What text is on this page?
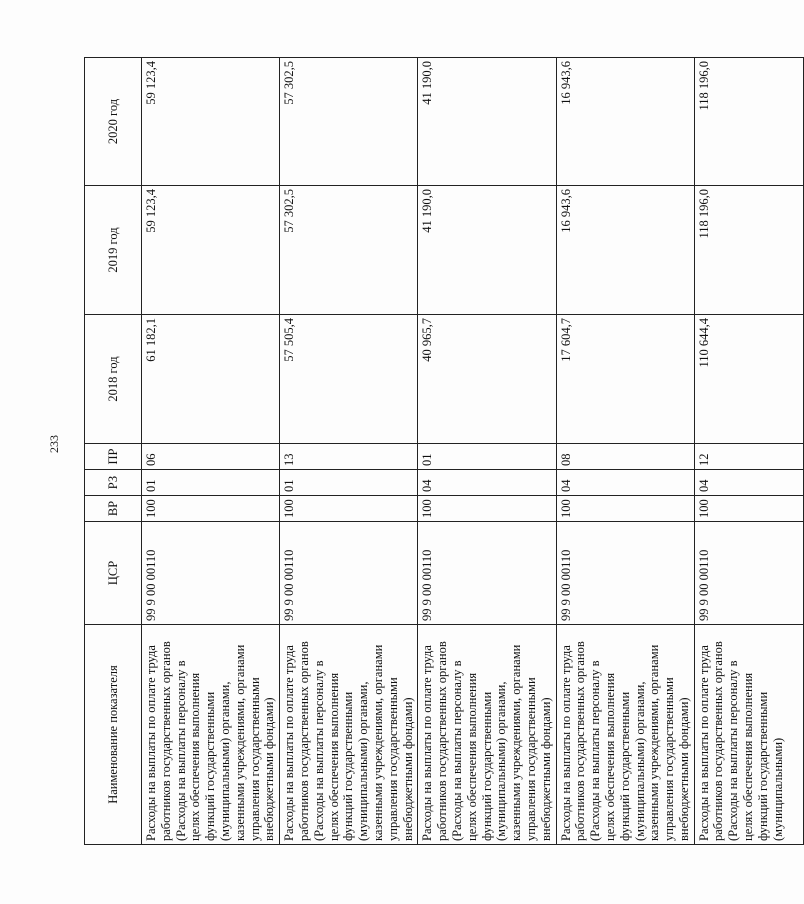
233
Наименование показателя	ЦСР	ВР	РЗ	ПР	2018 год	2019 год	2020 год
Расходы на выплаты по оплате труда работников государственных органов (Расходы на выплаты персоналу в целях обеспечения выполнения функций государственными (муниципальными) органами, казенными учреждениями, органами управления государственными внебюджетными фондами)	99 9 00 00110	100	01	06	61 182,1	59 123,4	59 123,4
Расходы на выплаты по оплате труда работников государственных органов (Расходы на выплаты персоналу в целях обеспечения выполнения функций государственными (муниципальными) органами, казенными учреждениями, органами управления государственными внебюджетными фондами)	99 9 00 00110	100	01	13	57 505,4	57 302,5	57 302,5
Расходы на выплаты по оплате труда работников государственных органов (Расходы на выплаты персоналу в целях обеспечения выполнения функций государственными (муниципальными) органами, казенными учреждениями, органами управления государственными внебюджетными фондами)	99 9 00 00110	100	04	01	40 965,7	41 190,0	41 190,0
Расходы на выплаты по оплате труда работников государственных органов (Расходы на выплаты персоналу в целях обеспечения выполнения функций государственными (муниципальными) органами, казенными учреждениями, органами управления государственными внебюджетными фондами)	99 9 00 00110	100	04	08	17 604,7	16 943,6	16 943,6
Расходы на выплаты по оплате труда работников государственных органов (Расходы на выплаты персоналу в целях обеспечения выполнения функций государственными (муниципальными)	99 9 00 00110	100	04	12	110 644,4	118 196,0	118 196,0
